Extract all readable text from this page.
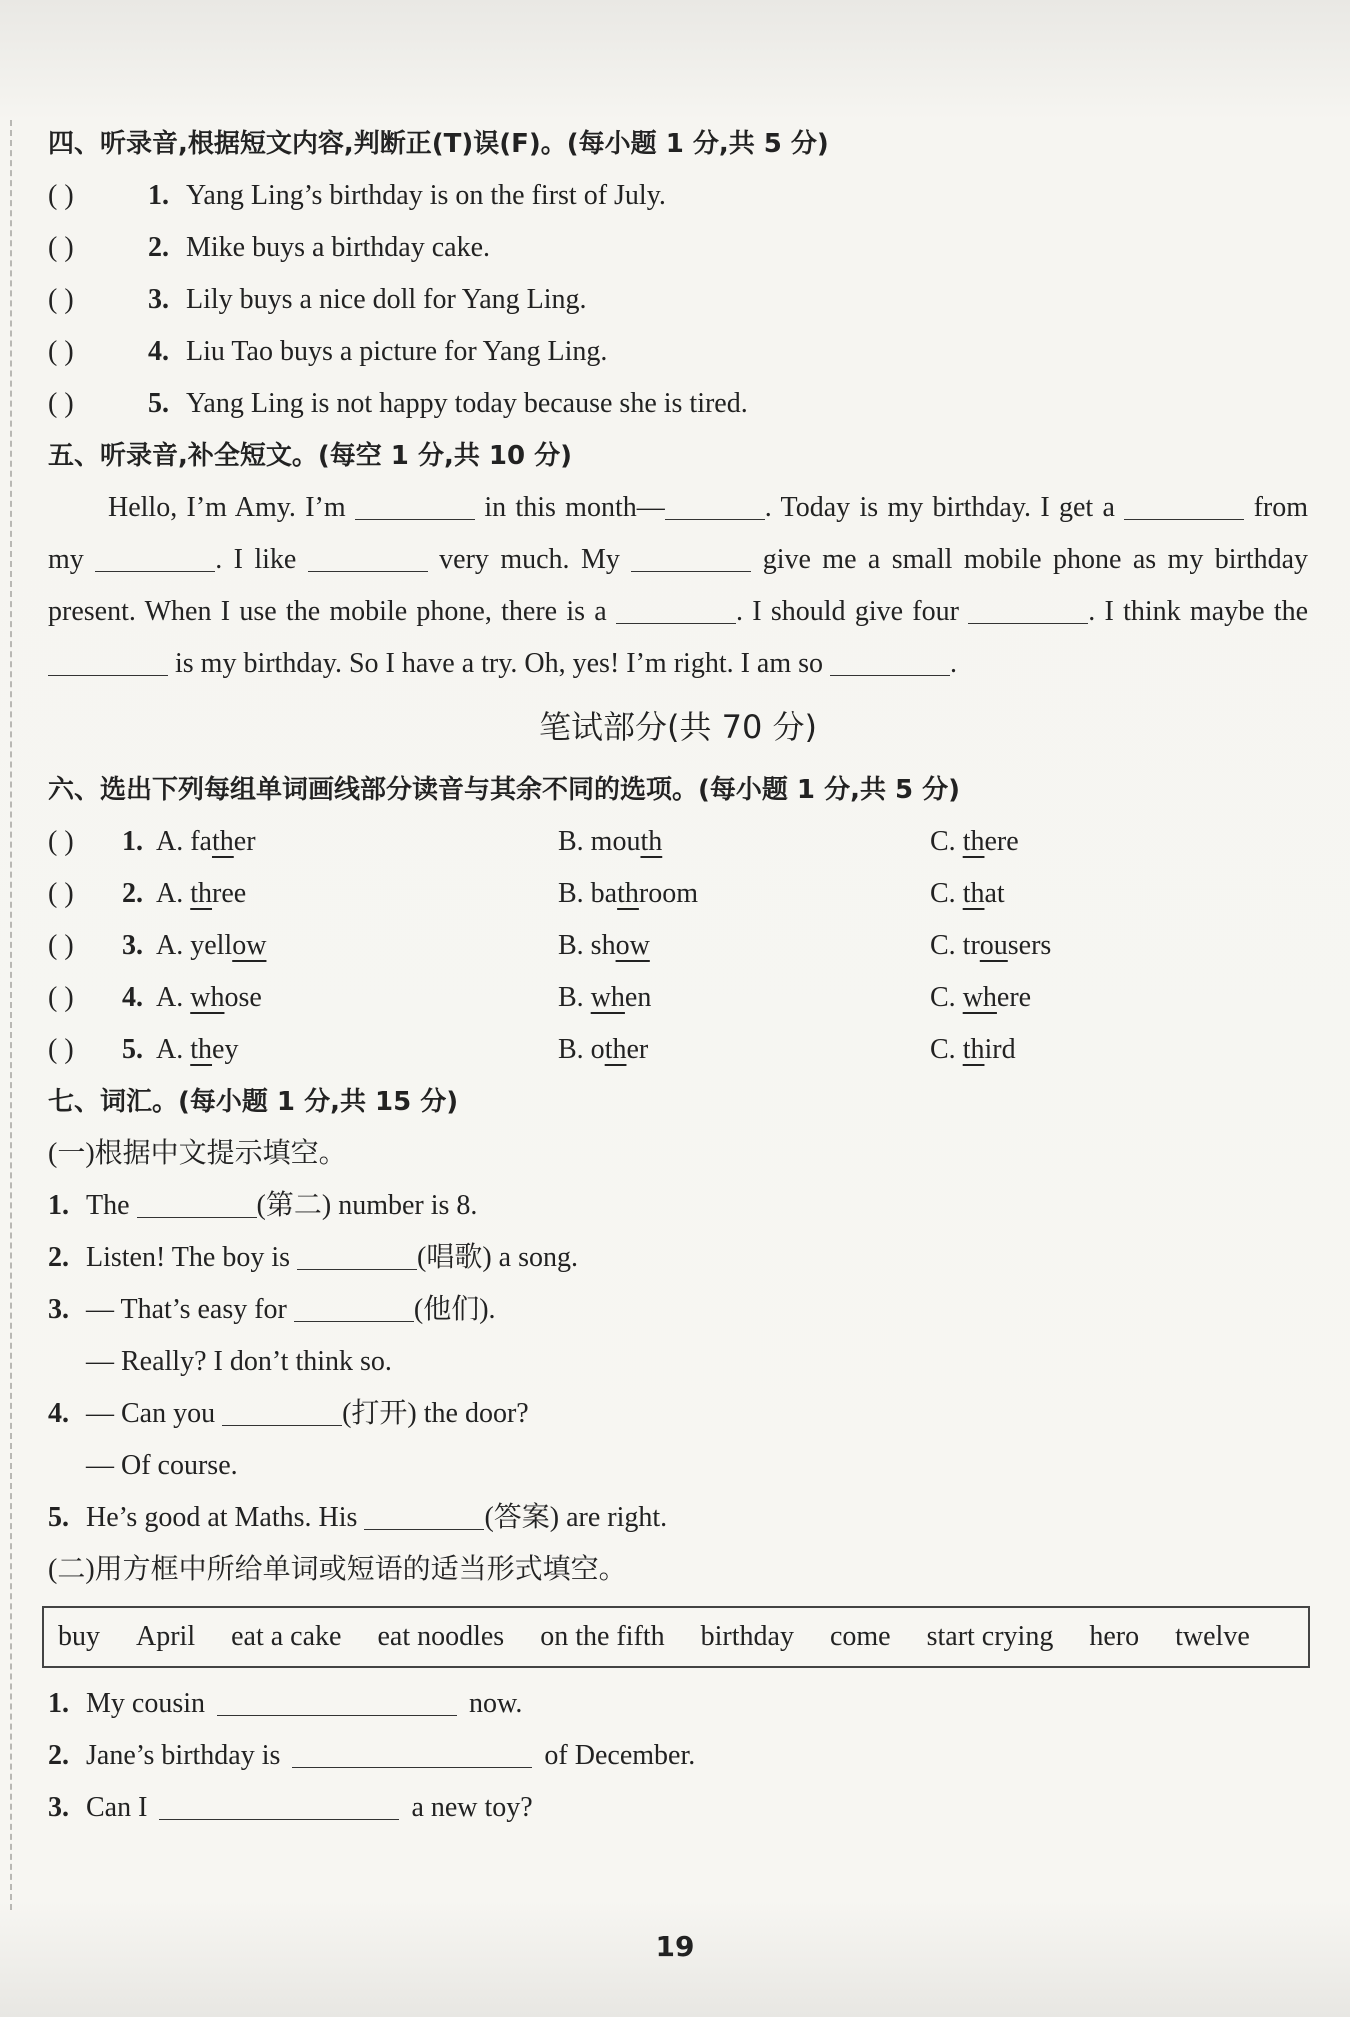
四、听录音,根据短文内容,判断正(T)误(F)。(每小题 1 分,共 5 分)
( )	1. Yang Ling’s birthday is on the first of July.
( )	2. Mike buys a birthday cake.
( )	3. Lily buys a nice doll for Yang Ling.
( )	4. Liu Tao buys a picture for Yang Ling.
( )	5. Yang Ling is not happy today because she is tired.
五、听录音,补全短文。(每空 1 分,共 10 分)
Hello, I’m Amy. I’m	in this month—	. Today is my birthday. I get a	from my	. I like	very much. My	give me a small mobile phone as my birthday present. When I use the mobile phone, there is a	. I should give four	. I think maybe the  is my birthday. So I have a try. Oh, yes! I’m right. I am so	.
笔试部分(共 70 分)
六、选出下列每组单词画线部分读音与其余不同的选项。(每小题 1 分,共 5 分)
( ) 1. A. father	B. mouth	C. there
( ) 2. A. three	B. bathroom	C. that
( ) 3. A. yellow	B. show	C. trousers
( ) 4. A. whose	B. when	C. where
( ) 5. A. they	B. other	C. third
七、词汇。(每小题 1 分,共 15 分)
(一)根据中文提示填空。
1. The	(第二) number is 8.
2. Listen! The boy is	(唱歌) a song.
3. — That’s easy for	(他们).
— Really? I don’t think so.
4. — Can you	(打开) the door?
— Of course.
5. He’s good at Maths. His	(答案) are right.
(二)用方框中所给单词或短语的适当形式填空。
buy April eat a cake eat noodles on the fifth birthday come start crying hero twelve
1. My cousin	now.
2. Jane’s birthday is	of December.
3. Can I	a new toy?
19
